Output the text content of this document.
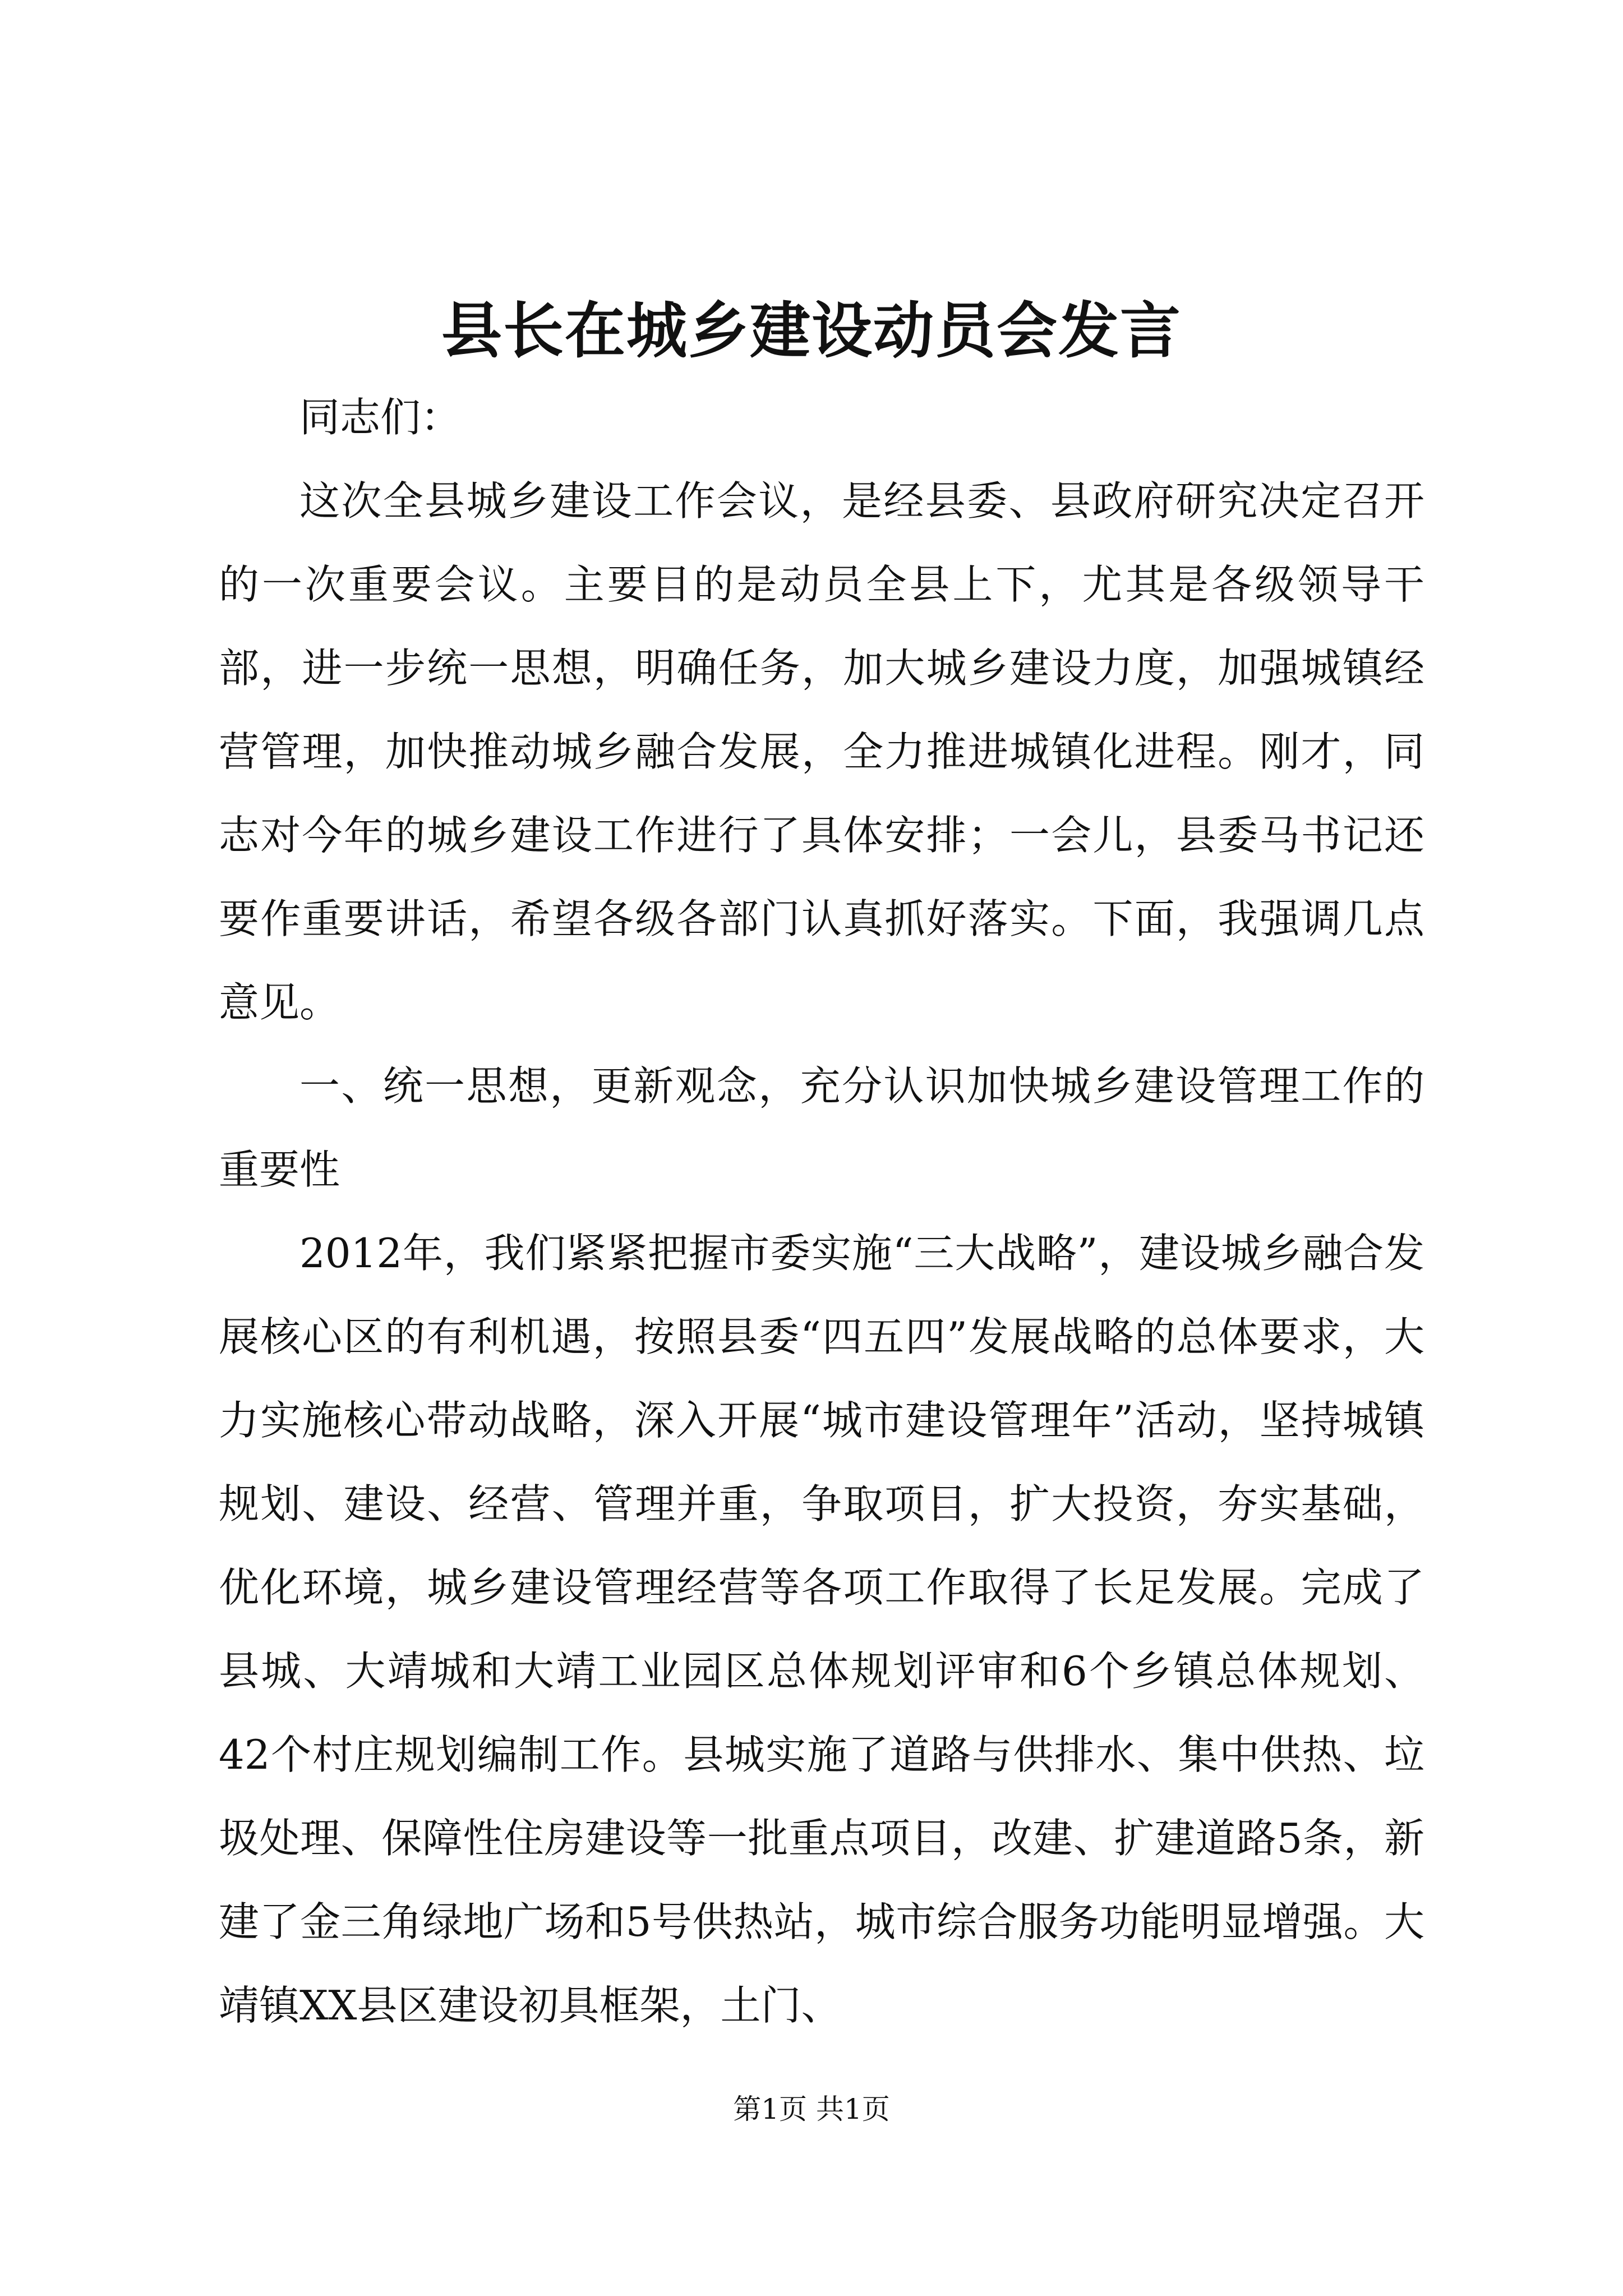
县长在城乡建设动员会发言

同志们：

这次全县城乡建设工作会议，是经县委、县政府研究决定召开的一次重要会议。主要目的是动员全县上下，尤其是各级领导干部，进一步统一思想，明确任务，加大城乡建设力度，加强城镇经营管理，加快推动城乡融合发展，全力推进城镇化进程。刚才，同志对今年的城乡建设工作进行了具体安排；一会儿，县委马书记还要作重要讲话，希望各级各部门认真抓好落实。下面，我强调几点意见。

一、统一思想，更新观念，充分认识加快城乡建设管理工作的重要性

2012年，我们紧紧把握市委实施“三大战略”，建设城乡融合发展核心区的有利机遇，按照县委“四五四”发展战略的总体要求，大力实施核心带动战略，深入开展“城市建设管理年”活动，坚持城镇规划、建设、经营、管理并重，争取项目，扩大投资，夯实基础，优化环境，城乡建设管理经营等各项工作取得了长足发展。完成了县城、大靖城和大靖工业园区总体规划评审和6个乡镇总体规划、42个村庄规划编制工作。县城实施了道路与供排水、集中供热、垃圾处理、保障性住房建设等一批重点项目，改建、扩建道路5条，新建了金三角绿地广场和5号供热站，城市综合服务功能明显增强。大靖镇XX县区建设初具框架，土门、

第1页 共1页
